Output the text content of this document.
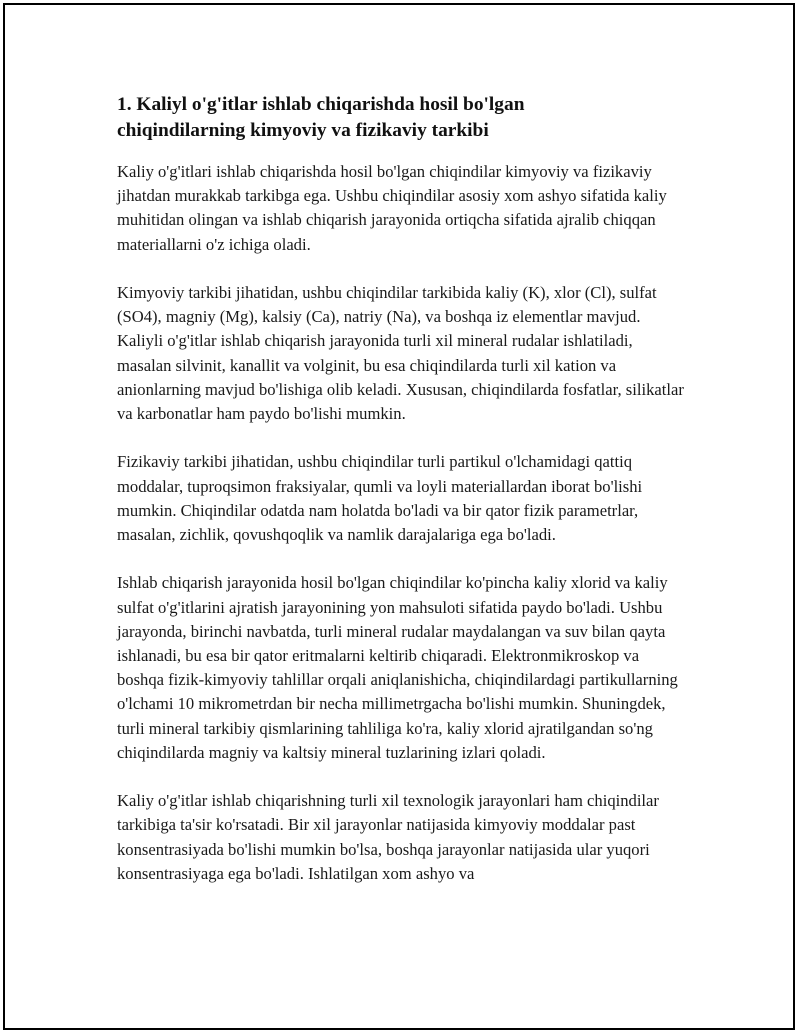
1. Kaliyl o'g'itlar ishlab chiqarishda hosil bo'lgan
chiqindilarning kimyoviy va fizikaviy tarkibi

Kaliy o'g'itlari ishlab chiqarishda hosil bo'lgan chiqindilar kimyoviy va fizikaviy jihatdan murakkab tarkibga ega. Ushbu chiqindilar asosiy xom ashyo sifatida kaliy muhitidan olingan va ishlab chiqarish jarayonida ortiqcha sifatida ajralib chiqqan materiallarni o'z ichiga oladi.

Kimyoviy tarkibi jihatidan, ushbu chiqindilar tarkibida kaliy (K), xlor (Cl), sulfat (SO4), magniy (Mg), kalsiy (Ca), natriy (Na), va boshqa iz elementlar mavjud. Kaliyli o'g'itlar ishlab chiqarish jarayonida turli xil mineral rudalar ishlatiladi, masalan silvinit, kanallit va volginit, bu esa chiqindilarda turli xil kation va anionlarning mavjud bo'lishiga olib keladi. Xususan, chiqindilarda fosfatlar, silikatlar va karbonatlar ham paydo bo'lishi mumkin.

Fizikaviy tarkibi jihatidan, ushbu chiqindilar turli partikul o'lchamidagi qattiq moddalar, tuproqsimon fraksiyalar, qumli va loyli materiallardan iborat bo'lishi mumkin. Chiqindilar odatda nam holatda bo'ladi va bir qator fizik parametrlar, masalan, zichlik, qovushqoqlik va namlik darajalariga ega bo'ladi.

Ishlab chiqarish jarayonida hosil bo'lgan chiqindilar ko'pincha kaliy xlorid va kaliy sulfat o'g'itlarini ajratish jarayonining yon mahsuloti sifatida paydo bo'ladi. Ushbu jarayonda, birinchi navbatda, turli mineral rudalar maydalangan va suv bilan qayta ishlanadi, bu esa bir qator eritmalarni keltirib chiqaradi. Elektronmikroskop va boshqa fizik-kimyoviy tahlillar orqali aniqlanishicha, chiqindilardagi partikullarning o'lchami 10 mikrometrdan bir necha millimetrgacha bo'lishi mumkin. Shuningdek, turli mineral tarkibiy qismlarining tahliliga ko'ra, kaliy xlorid ajratilgandan so'ng chiqindilarda magniy va kaltsiy mineral tuzlarining izlari qoladi.

Kaliy o'g'itlar ishlab chiqarishning turli xil texnologik jarayonlari ham chiqindilar tarkibiga ta'sir ko'rsatadi. Bir xil jarayonlar natijasida kimyoviy moddalar past konsentrasiyada bo'lishi mumkin bo'lsa, boshqa jarayonlar natijasida ular yuqori konsentrasiyaga ega bo'ladi. Ishlatilgan xom ashyo va
